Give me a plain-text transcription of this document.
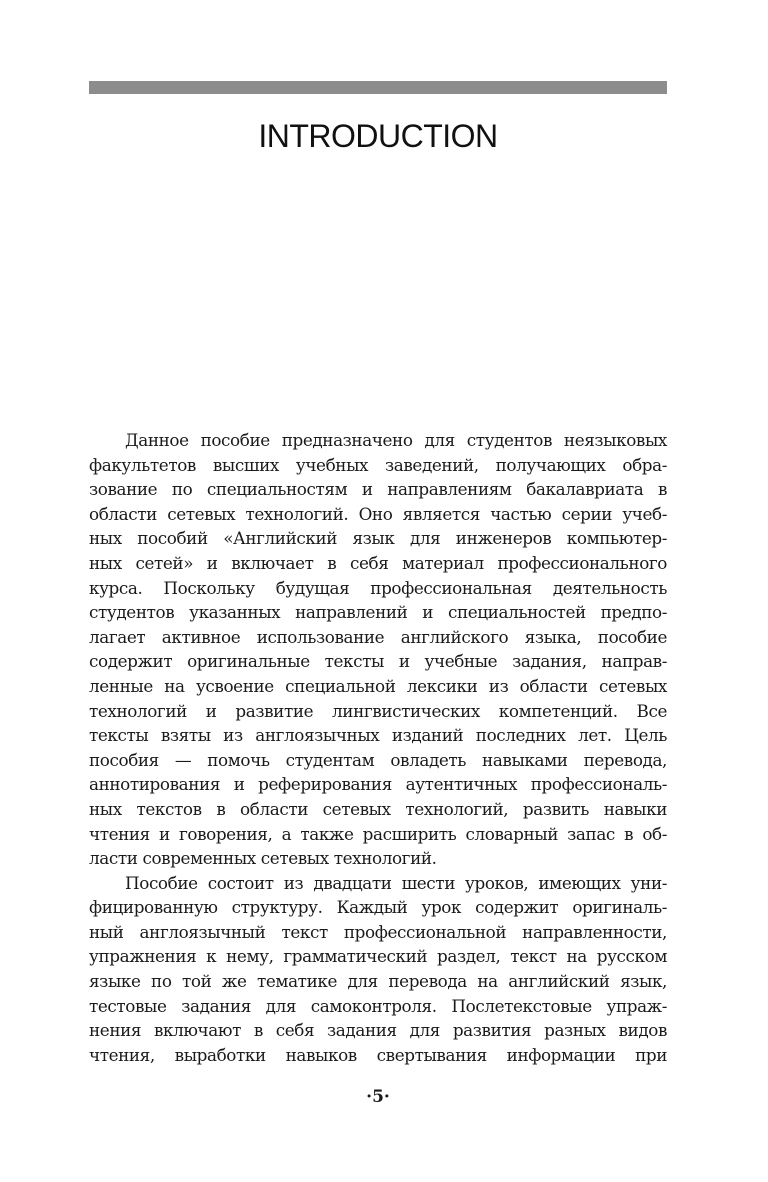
INTRODUCTION
Данное пособие предназначено для студентов неязыковых
факультетов высших учебных заведений, получающих обра-
зование по специальностям и направлениям бакалавриата в
области сетевых технологий. Оно является частью серии учеб-
ных пособий «Английский язык для инженеров компьютер-
ных сетей» и включает в себя материал профессионального
курса. Поскольку будущая профессиональная деятельность
студентов указанных направлений и специальностей предпо-
лагает активное использование английского языка, пособие
содержит оригинальные тексты и учебные задания, направ-
ленные на усвоение специальной лексики из области сетевых
технологий и развитие лингвистических компетенций. Все
тексты взяты из англоязычных изданий последних лет. Цель
пособия — помочь студентам овладеть навыками перевода,
аннотирования и реферирования аутентичных профессиональ-
ных текстов в области сетевых технологий, развить навыки
чтения и говорения, а также расширить словарный запас в об-
ласти современных сетевых технологий.
Пособие состоит из двадцати шести уроков, имеющих уни-
фицированную структуру. Каждый урок содержит оригиналь-
ный англоязычный текст профессиональной направленности,
упражнения к нему, грамматический раздел, текст на русском
языке по той же тематике для перевода на английский язык,
тестовые задания для самоконтроля. Послетекстовые упраж-
нения включают в себя задания для развития разных видов
чтения, выработки навыков свертывания информации при
·5·
